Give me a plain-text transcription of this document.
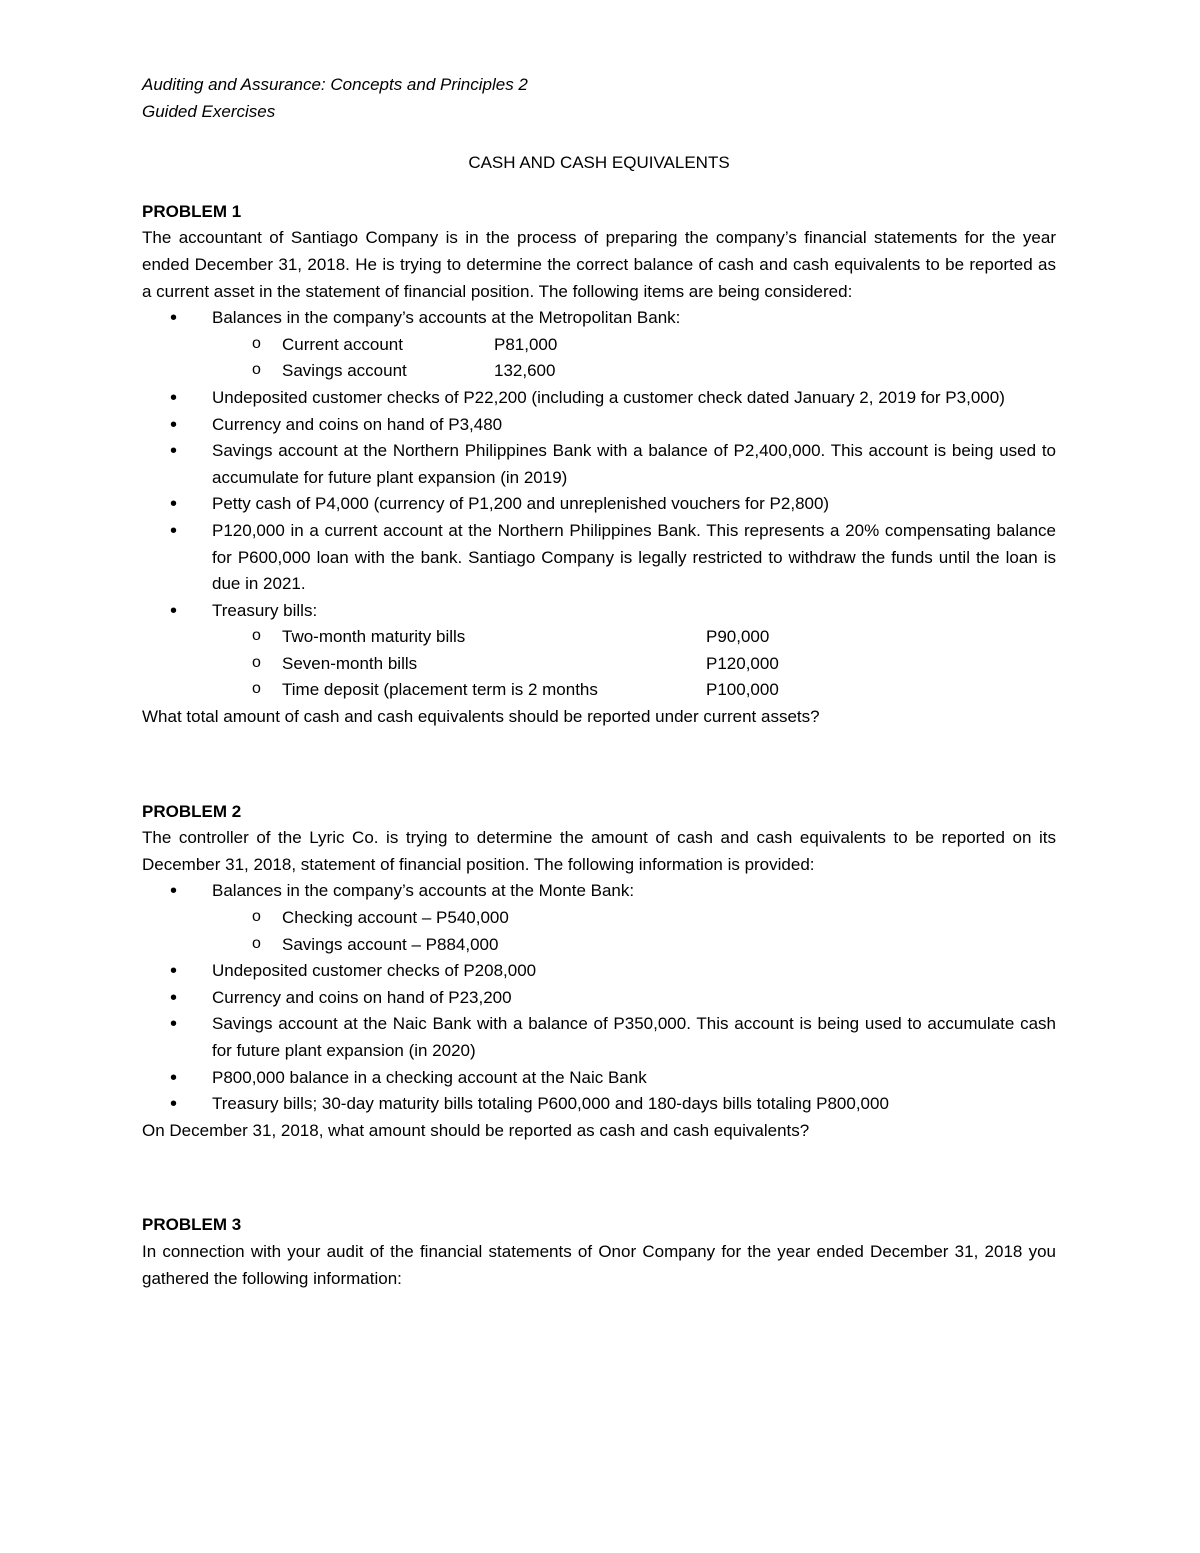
Auditing and Assurance: Concepts and Principles 2
Guided Exercises
CASH AND CASH EQUIVALENTS
PROBLEM 1
The accountant of Santiago Company is in the process of preparing the company’s financial statements for the year ended December 31, 2018. He is trying to determine the correct balance of cash and cash equivalents to be reported as a current asset in the statement of financial position. The following items are being considered:
• Balances in the company’s accounts at the Metropolitan Bank:
o Current account	P81,000
o Savings account	132,600
• Undeposited customer checks of P22,200 (including a customer check dated January 2, 2019 for P3,000)
• Currency and coins on hand of P3,480
• Savings account at the Northern Philippines Bank with a balance of P2,400,000. This account is being used to accumulate for future plant expansion (in 2019)
• Petty cash of P4,000 (currency of P1,200 and unreplenished vouchers for P2,800)
• P120,000 in a current account at the Northern Philippines Bank. This represents a 20% compensating balance for P600,000 loan with the bank. Santiago Company is legally restricted to withdraw the funds until the loan is due in 2021.
• Treasury bills:
o Two-month maturity bills	P90,000
o Seven-month bills	P120,000
o Time deposit (placement term is 2 months	P100,000
What total amount of cash and cash equivalents should be reported under current assets?
PROBLEM 2
The controller of the Lyric Co. is trying to determine the amount of cash and cash equivalents to be reported on its December 31, 2018, statement of financial position. The following information is provided:
• Balances in the company’s accounts at the Monte Bank:
o Checking account – P540,000
o Savings account – P884,000
• Undeposited customer checks of P208,000
• Currency and coins on hand of P23,200
• Savings account at the Naic Bank with a balance of P350,000. This account is being used to accumulate cash for future plant expansion (in 2020)
• P800,000 balance in a checking account at the Naic Bank
• Treasury bills; 30-day maturity bills totaling P600,000 and 180-days bills totaling P800,000
On December 31, 2018, what amount should be reported as cash and cash equivalents?
PROBLEM 3
In connection with your audit of the financial statements of Onor Company for the year ended December 31, 2018 you gathered the following information:
